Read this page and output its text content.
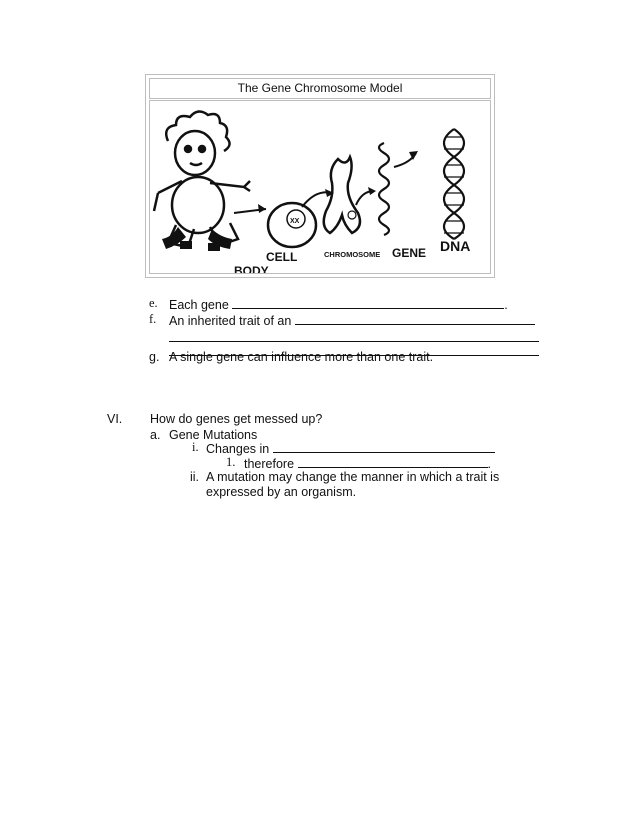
The Gene Chromosome Model
BODY
XX
CELL	CHROMOSOME GENE DNA
e. Each gene	.
f. An inherited trait of an
g. A single gene can influence more than one trait.
VI. How do genes get messed up?
a. Gene Mutations
i. Changes in
1. therefore	.
ii. A mutation may change the manner in which a trait is
expressed by an organism.
